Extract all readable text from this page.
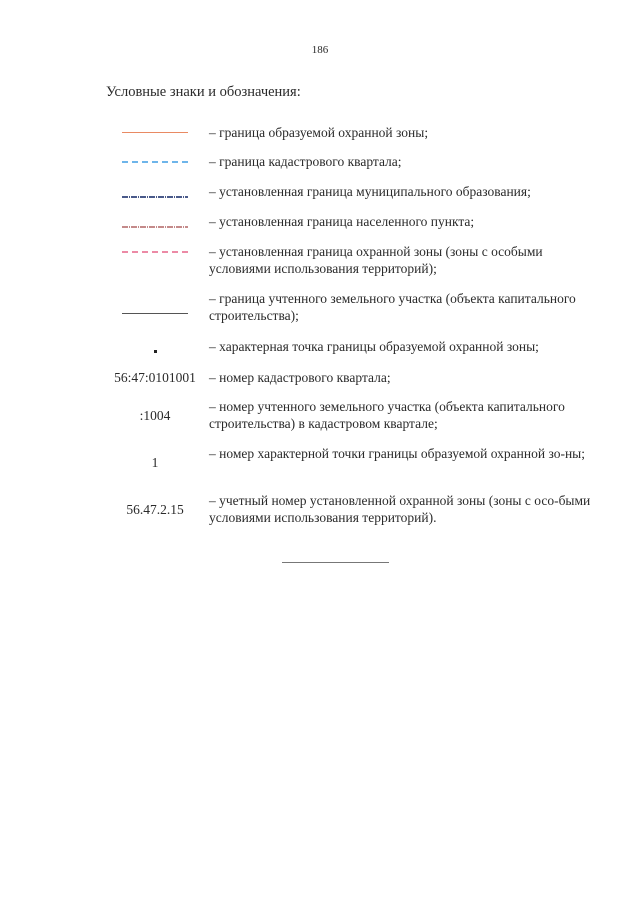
186
Условные знаки и обозначения:
– граница образуемой охранной зоны;
– граница кадастрового квартала;
– установленная граница муниципального образования;
– установленная граница населенного пункта;
– установленная граница охранной зоны (зоны с особыми условиями использования территорий);
– граница учтенного земельного участка (объекта капитального строительства);
– характерная точка границы образуемой охранной зоны;
56:47:0101001 – номер кадастрового квартала;
:1004
– номер учтенного земельного участка (объекта капитального строительства) в кадастровом квартале;
1
– номер характерной точки границы образуемой охранной зо-ны;
56.47.2.15
– учетный номер установленной охранной зоны (зоны с осо-быми условиями использования территорий).
